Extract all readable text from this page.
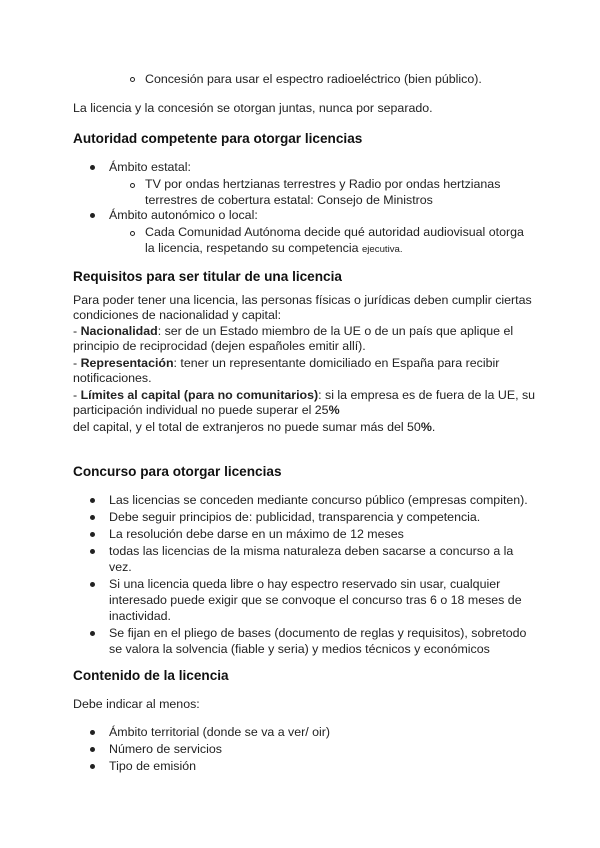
Concesión para usar el espectro radioeléctrico (bien público).
La licencia y la concesión se otorgan juntas, nunca por separado.
Autoridad competente para otorgar licencias
Ámbito estatal:
TV por ondas hertzianas terrestres y Radio por ondas hertzianas
terrestres de cobertura estatal: Consejo de Ministros
Ámbito autonómico o local:
Cada Comunidad Autónoma decide qué autoridad audiovisual otorga
la licencia, respetando su competencia ejecutiva.
Requisitos para ser titular de una licencia
Para poder tener una licencia, las personas físicas o jurídicas deben cumplir ciertas
condiciones de nacionalidad y capital:
- Nacionalidad: ser de un Estado miembro de la UE o de un país que aplique el
principio de reciprocidad (dejen españoles emitir allí).
- Representación: tener un representante domiciliado en España para recibir
notificaciones.
- Límites al capital (para no comunitarios): si la empresa es de fuera de la UE, su
participación individual no puede superar el 25%
del capital, y el total de extranjeros no puede sumar más del 50%.
Concurso para otorgar licencias
Las licencias se conceden mediante concurso público (empresas compiten).
Debe seguir principios de: publicidad, transparencia y competencia.
La resolución debe darse en un máximo de 12 meses
todas las licencias de la misma naturaleza deben sacarse a concurso a la
vez.
Si una licencia queda libre o hay espectro reservado sin usar, cualquier
interesado puede exigir que se convoque el concurso tras 6 o 18 meses de
inactividad.
Se fijan en el pliego de bases (documento de reglas y requisitos), sobretodo
se valora la solvencia (fiable y seria) y medios técnicos y económicos
Contenido de la licencia
Debe indicar al menos:
Ámbito territorial (donde se va a ver/ oir)
Número de servicios
Tipo de emisión
